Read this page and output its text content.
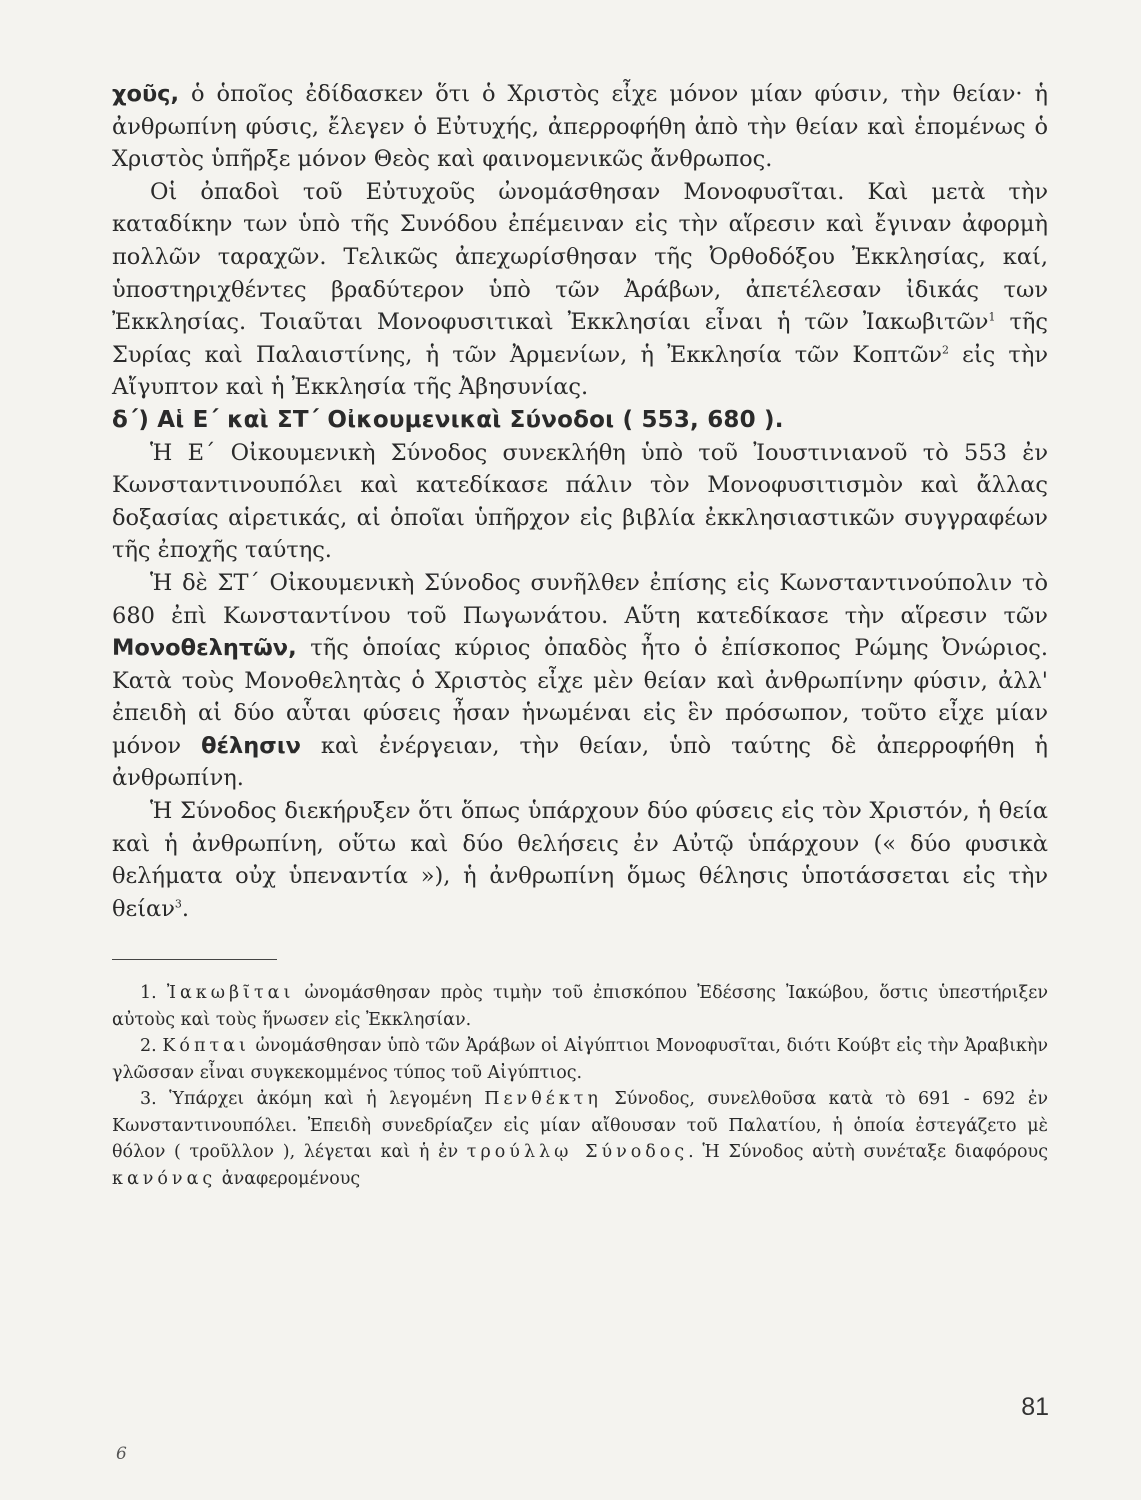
χοῦς, ὁ ὁποῖος ἐδίδασκεν ὅτι ὁ Χριστὸς εἶχε μόνον μίαν φύσιν, τὴν θείαν· ἡ ἀνθρωπίνη φύσις, ἔλεγεν ὁ Εὐτυχής, ἀπερροφήθη ἀπὸ τὴν θείαν καὶ ἑπομένως ὁ Χριστὸς ὑπῆρξε μόνον Θεὸς καὶ φαινομενικῶς ἄνθρωπος.

Οἱ ὀπαδοὶ τοῦ Εὐτυχοῦς ὠνομάσθησαν Μονοφυσῖται. Καὶ μετὰ τὴν καταδίκην των ὑπὸ τῆς Συνόδου ἐπέμειναν εἰς τὴν αἵρεσιν καὶ ἔγιναν ἀφορμὴ πολλῶν ταραχῶν. Τελικῶς ἀπεχωρίσθησαν τῆς Ὀρθοδόξου Ἐκκλησίας, καί, ὑποστηριχθέντες βραδύτερον ὑπὸ τῶν Ἀράβων, ἀπετέλεσαν ἰδικάς των Ἐκκλησίας. Τοιαῦται Μονοφυσιτικαὶ Ἐκκλησίαι εἶναι ἡ τῶν Ἰακωβιτῶν$^1$ τῆς Συρίας καὶ Παλαιστίνης, ἡ τῶν Ἀρμενίων, ἡ Ἐκκλησία τῶν Κοπτῶν$^2$ εἰς τὴν Αἴγυπτον καὶ ἡ Ἐκκλησία τῆς Ἀβησυνίας.

δ΄) Αἱ Ε΄ καὶ ΣΤ΄ Οἰκουμενικαὶ Σύνοδοι ( 553, 680 ).

Ἡ Ε΄ Οἰκουμενικὴ Σύνοδος συνεκλήθη ὑπὸ τοῦ Ἰουστινιανοῦ τὸ 553 ἐν Κωνσταντινουπόλει καὶ κατεδίκασε πάλιν τὸν Μονοφυσιτισμὸν καὶ ἄλλας δοξασίας αἱρετικάς, αἱ ὁποῖαι ὑπῆρχον εἰς βιβλία ἐκκλησιαστικῶν συγγραφέων τῆς ἐποχῆς ταύτης.

Ἡ δὲ ΣΤ΄ Οἰκουμενικὴ Σύνοδος συνῆλθεν ἐπίσης εἰς Κωνσταντινούπολιν τὸ 680 ἐπὶ Κωνσταντίνου τοῦ Πωγωνάτου. Αὕτη κατεδίκασε τὴν αἵρεσιν τῶν Μονοθελητῶν, τῆς ὁποίας κύριος ὀπαδὸς ἦτο ὁ ἐπίσκοπος Ρώμης Ὀνώριος. Κατὰ τοὺς Μονοθελητὰς ὁ Χριστὸς εἶχε μὲν θείαν καὶ ἀνθρωπίνην φύσιν, ἀλλ' ἐπειδὴ αἱ δύο αὗται φύσεις ἦσαν ἡνωμέναι εἰς ἓν πρόσωπον, τοῦτο εἶχε μίαν μόνον θέλησιν καὶ ἐνέργειαν, τὴν θείαν, ὑπὸ ταύτης δὲ ἀπερροφήθη ἡ ἀνθρωπίνη.

Ἡ Σύνοδος διεκήρυξεν ὅτι ὅπως ὑπάρχουν δύο φύσεις εἰς τὸν Χριστόν, ἡ θεία καὶ ἡ ἀνθρωπίνη, οὕτω καὶ δύο θελήσεις ἐν Αὐτῷ ὑπάρχουν (« δύο φυσικὰ θελήματα οὐχ ὑπεναντία »), ἡ ἀνθρωπίνη ὅμως θέλησις ὑποτάσσεται εἰς τὴν θείαν$^3$.

1. Ἰακωβῖται ὠνομάσθησαν πρὸς τιμὴν τοῦ ἐπισκόπου Ἐδέσσης Ἰακώβου, ὅστις ὑπεστήριξεν αὐτοὺς καὶ τοὺς ἥνωσεν εἰς Ἐκκλησίαν.

2. Κόπται ὠνομάσθησαν ὑπὸ τῶν Ἀράβων οἱ Αἰγύπτιοι Μονοφυσῖται, διότι Κούβτ εἰς τὴν Ἀραβικὴν γλῶσσαν εἶναι συγκεκομμένος τύπος τοῦ Αἰγύπτιος.

3. Ὑπάρχει ἀκόμη καὶ ἡ λεγομένη Πενθέκτη Σύνοδος, συνελθοῦσα κατὰ τὸ 691 - 692 ἐν Κωνσταντινουπόλει. Ἐπειδὴ συνεδρίαζεν εἰς μίαν αἴθουσαν τοῦ Παλατίου, ἡ ὁποία ἐστεγάζετο μὲ θόλον ( τροῦλλον ), λέγεται καὶ ἡ ἐν τρούλλῳ Σύνοδος. Ἡ Σύνοδος αὐτὴ συνέταξε διαφόρους κανόνας ἀναφερομένους

81
6
